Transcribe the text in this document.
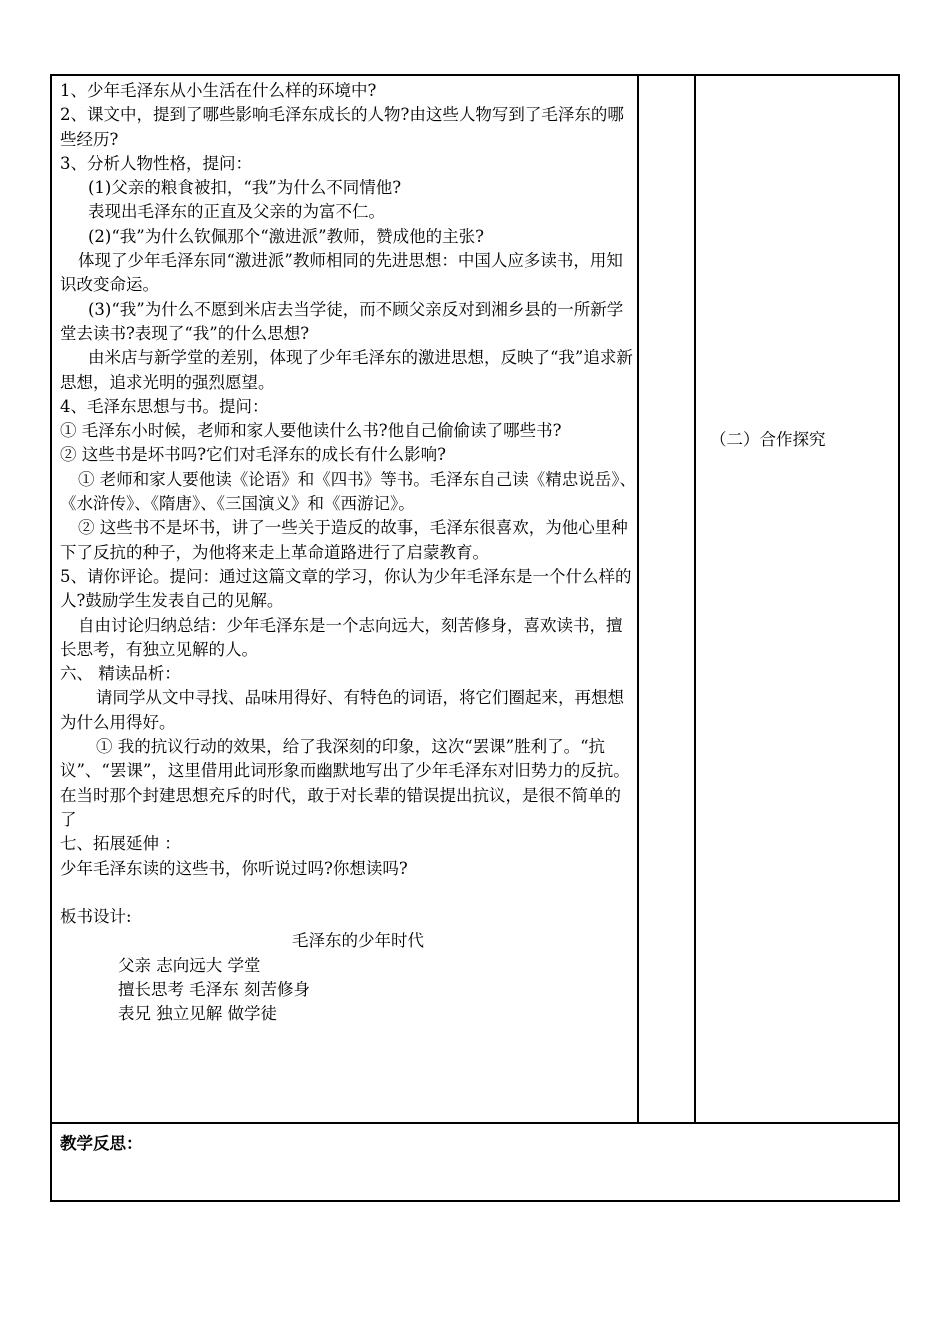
1、少年毛泽东从小生活在什么样的环境中?
2、课文中，提到了哪些影响毛泽东成长的人物?由这些人物写到了毛泽东的哪些经历?
3、分析人物性格，提问：
(1)父亲的粮食被扣，“我”为什么不同情他?
表现出毛泽东的正直及父亲的为富不仁。
(2)“我”为什么钦佩那个“激进派”教师，赞成他的主张?
体现了少年毛泽东同“激进派”教师相同的先进思想：中国人应多读书，用知识改变命运。
(3)“我”为什么不愿到米店去当学徒，而不顾父亲反对到湘乡县的一所新学堂去读书?表现了“我”的什么思想?
由米店与新学堂的差别，体现了少年毛泽东的激进思想，反映了“我”追求新思想，追求光明的强烈愿望。
4、毛泽东思想与书。提问：
① 毛泽东小时候，老师和家人要他读什么书?他自己偷偷读了哪些书?
② 这些书是坏书吗?它们对毛泽东的成长有什么影响?
① 老师和家人要他读《论语》和《四书》等书。毛泽东自己读《精忠说岳》、《水浒传》、《隋唐》、《三国演义》和《西游记》。
② 这些书不是坏书，讲了一些关于造反的故事，毛泽东很喜欢，为他心里种下了反抗的种子，为他将来走上革命道路进行了启蒙教育。
5、请你评论。提问：通过这篇文章的学习，你认为少年毛泽东是一个什么样的人?鼓励学生发表自己的见解。
自由讨论归纳总结：少年毛泽东是一个志向远大，刻苦修身，喜欢读书，擅长思考，有独立见解的人。
六、 精读品析：
请同学从文中寻找、品味用得好、有特色的词语，将它们圈起来，再想想为什么用得好。
① 我的抗议行动的效果，给了我深刻的印象，这次“罢课”胜利了。“抗议”、“罢课”，这里借用此词形象而幽默地写出了少年毛泽东对旧势力的反抗。在当时那个封建思想充斥的时代，敢于对长辈的错误提出抗议，是很不简单的了
七、拓展延伸 ：
少年毛泽东读的这些书，你听说过吗?你想读吗?
板书设计:
毛泽东的少年时代
父亲 志向远大 学堂
擅长思考 毛泽东 刻苦修身
表兄 独立见解 做学徒
（二）合作探究
教学反思：
